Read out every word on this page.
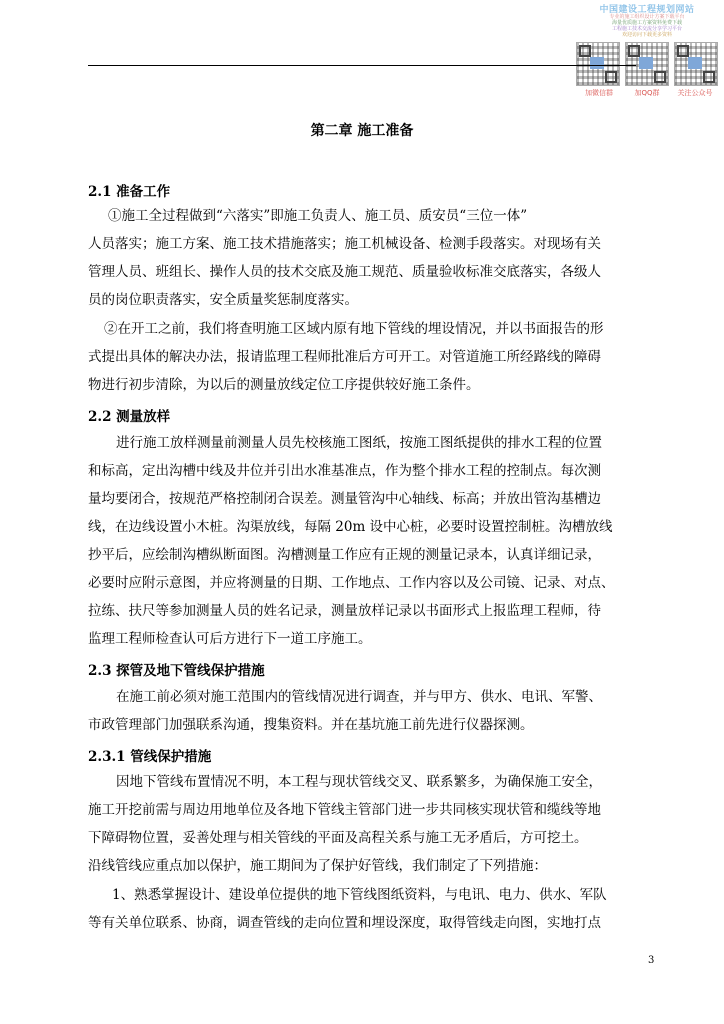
中国建设工程规划网站
专业的施工组织设计方案下载平台
海量优质施工方案资料免费下载
工程施工技术交流分享学习平台
欢迎访问下载更多资料
加微信群	加QQ群	关注公众号
第二章 施工准备
2.1 准备工作
①施工全过程做到“六落实”即施工负责人、施工员、质安员“三位一体”
人员落实；施工方案、施工技术措施落实；施工机械设备、检测手段落实。对现场有关
管理人员、班组长、操作人员的技术交底及施工规范、质量验收标准交底落实，各级人
员的岗位职责落实，安全质量奖惩制度落实。
②在开工之前，我们将查明施工区域内原有地下管线的埋设情况，并以书面报告的形
式提出具体的解决办法，报请监理工程师批准后方可开工。对管道施工所经路线的障碍
物进行初步清除，为以后的测量放线定位工序提供较好施工条件。
2.2 测量放样
进行施工放样测量前测量人员先校核施工图纸，按施工图纸提供的排水工程的位置
和标高，定出沟槽中线及井位并引出水准基准点，作为整个排水工程的控制点。每次测
量均要闭合，按规范严格控制闭合误差。测量管沟中心轴线、标高；并放出管沟基槽边
线，在边线设置小木桩。沟渠放线，每隔 20m 设中心桩，必要时设置控制桩。沟槽放线
抄平后，应绘制沟槽纵断面图。沟槽测量工作应有正规的测量记录本，认真详细记录，
必要时应附示意图，并应将测量的日期、工作地点、工作内容以及公司镜、记录、对点、
拉练、扶尺等参加测量人员的姓名记录，测量放样记录以书面形式上报监理工程师，待
监理工程师检查认可后方进行下一道工序施工。
2.3 探管及地下管线保护措施
在施工前必须对施工范围内的管线情况进行调查，并与甲方、供水、电讯、军警、
市政管理部门加强联系沟通，搜集资料。并在基坑施工前先进行仪器探测。
2.3.1 管线保护措施
因地下管线布置情况不明，本工程与现状管线交叉、联系繁多，为确保施工安全，
施工开挖前需与周边用地单位及各地下管线主管部门进一步共同核实现状管和缆线等地
下障碍物位置，妥善处理与相关管线的平面及高程关系与施工无矛盾后，方可挖土。
沿线管线应重点加以保护，施工期间为了保护好管线，我们制定了下列措施：
1、熟悉掌握设计、建设单位提供的地下管线图纸资料，与电讯、电力、供水、军队
等有关单位联系、协商，调查管线的走向位置和埋设深度，取得管线走向图，实地打点
3
